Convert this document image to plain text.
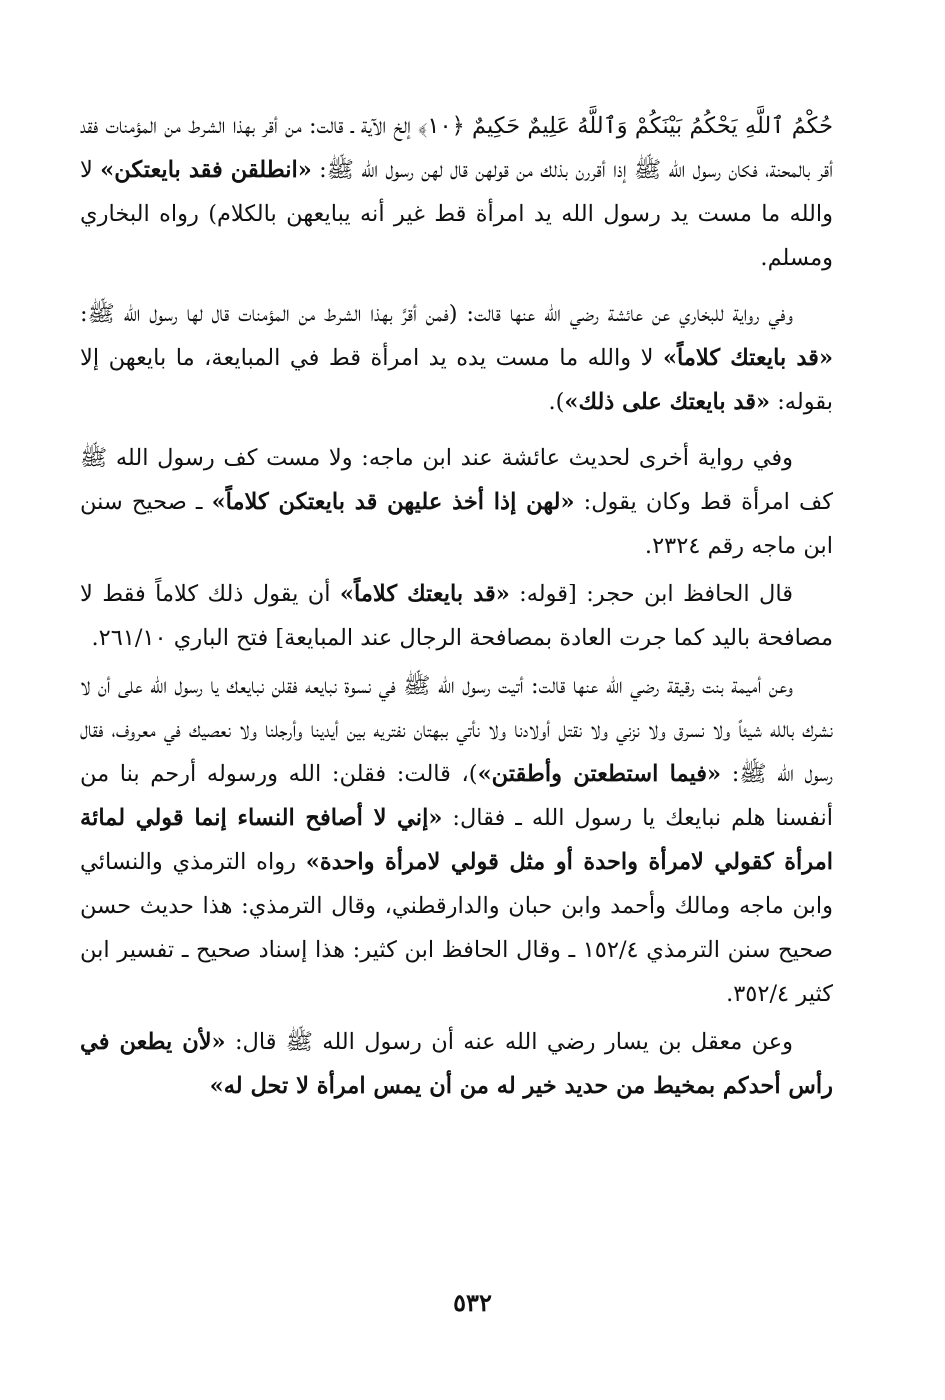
حُكْمُ ٱللَّهِ يَحْكُمُ بَيْنَكُمْ وَٱللَّهُ عَلِيمٌ حَكِيمٌ ﴿١٠﴾ إلخ الآية ـ قالت: من أقر بهذا الشرط من المؤمنات فقد أقر بالمحنة، فكان رسول الله ﷺ إذا أقررن بذلك من قولهن قال لهن رسول الله ﷺ: «انطلقن فقد بايعتكن» لا والله ما مست يد رسول الله يد امرأة قط غير أنه يبايعهن بالكلام) رواه البخاري ومسلم.

وفي رواية للبخاري عن عائشة رضي الله عنها قالت: (فمن أقرَّ بهذا الشرط من المؤمنات قال لها رسول الله ﷺ: «قد بايعتك كلاماً» لا والله ما مست يده يد امرأة قط في المبايعة، ما بايعهن إلا بقوله: «قد بايعتك على ذلك»).

وفي رواية أخرى لحديث عائشة عند ابن ماجه: ولا مست كف رسول الله ﷺ كف امرأة قط وكان يقول: «لهن إذا أخذ عليهن قد بايعتكن كلاماً» ـ صحيح سنن ابن ماجه رقم ٢٣٢٤.

قال الحافظ ابن حجر: [قوله: «قد بايعتك كلاماً» أن يقول ذلك كلاماً فقط لا مصافحة باليد كما جرت العادة بمصافحة الرجال عند المبايعة] فتح الباري ٢٦١/١٠.

وعن أميمة بنت رقيقة رضي الله عنها قالت: أتيت رسول الله ﷺ في نسوة نبايعه فقلن نبايعك يا رسول الله على أن لا نشرك بالله شيئاً ولا نسرق ولا نزني ولا نقتل أولادنا ولا نأتي ببهتان نفتريه بين أيدينا وأرجلنا ولا نعصيك في معروف، فقال رسول الله ﷺ: «فيما استطعتن وأطقتن»)، قالت: فقلن: الله ورسوله أرحم بنا من أنفسنا هلم نبايعك يا رسول الله ـ فقال: «إني لا أصافح النساء إنما قولي لمائة امرأة كقولي لامرأة واحدة أو مثل قولي لامرأة واحدة» رواه الترمذي والنسائي وابن ماجه ومالك وأحمد وابن حبان والدارقطني، وقال الترمذي: هذا حديث حسن صحيح سنن الترمذي ١٥٢/٤ ـ وقال الحافظ ابن كثير: هذا إسناد صحيح ـ تفسير ابن كثير ٣٥٢/٤.

وعن معقل بن يسار رضي الله عنه أن رسول الله ﷺ قال: «لأن يطعن في رأس أحدكم بمخيط من حديد خير له من أن يمس امرأة لا تحل له»

٥٣٢
